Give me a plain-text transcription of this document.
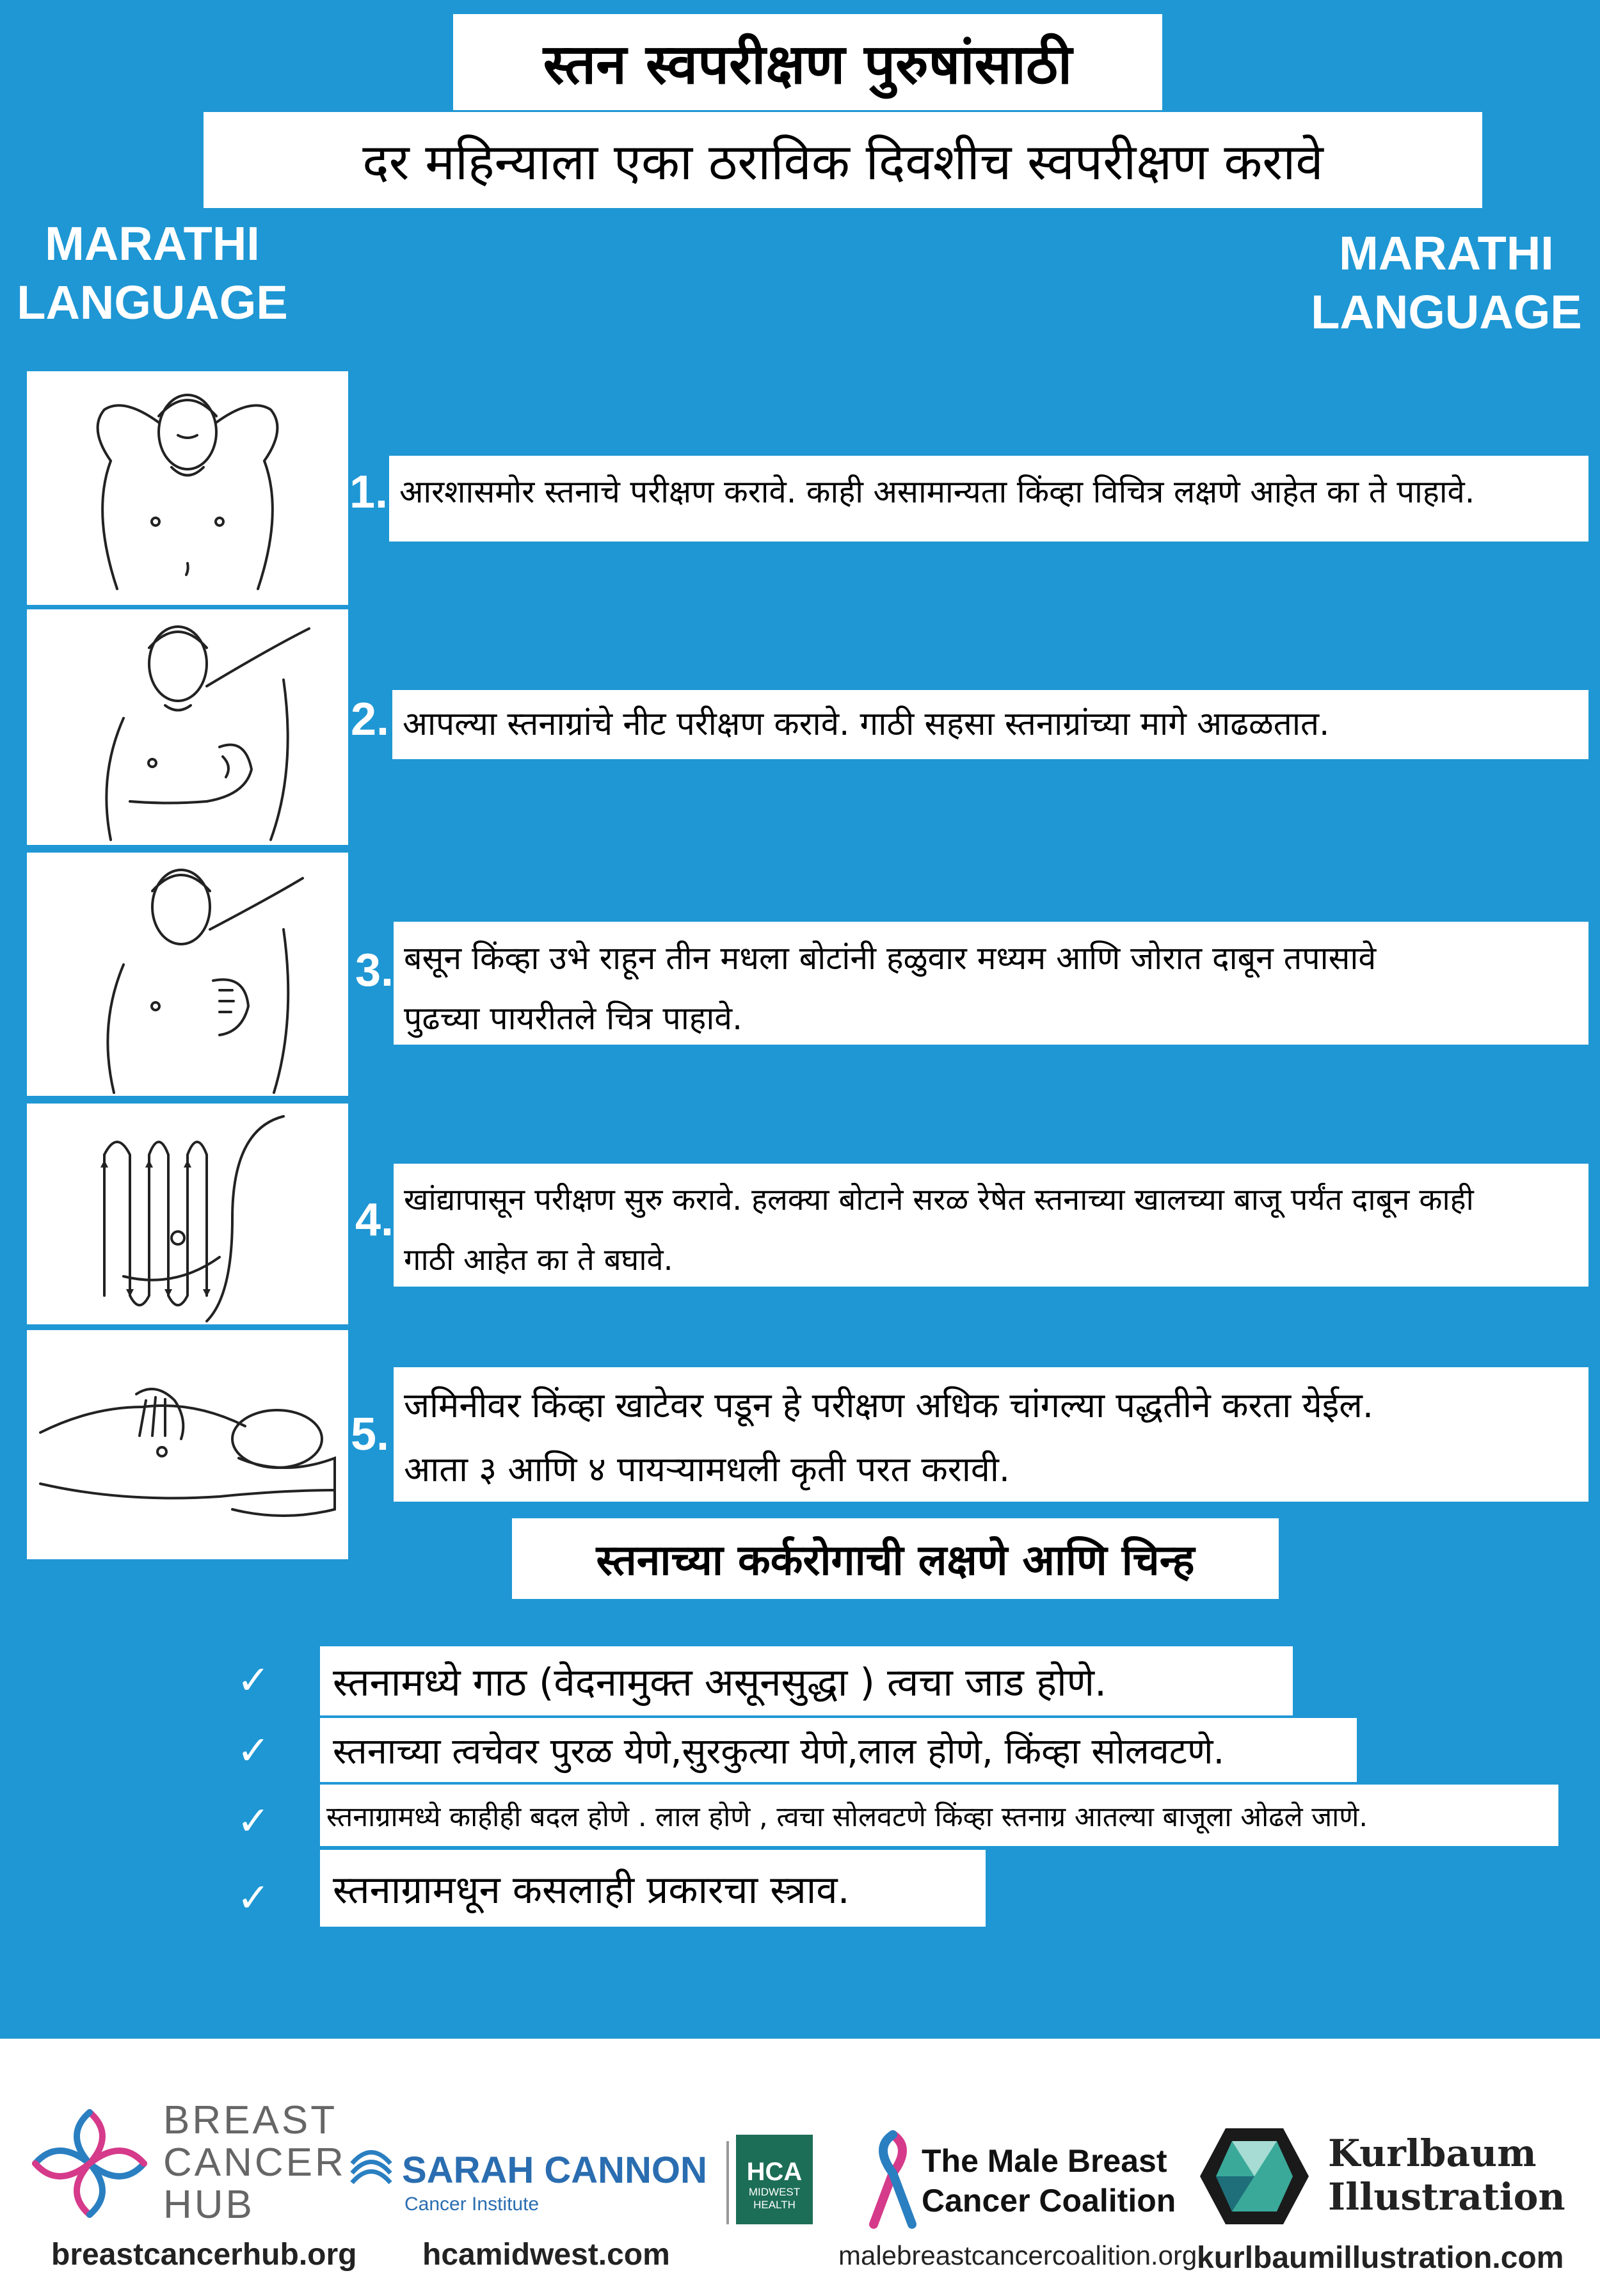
स्तन स्वपरीक्षण पुरुषांसाठी
दर महिन्याला एका ठराविक दिवशीच स्वपरीक्षण करावे
MARATHI
LANGUAGE
MARATHI
LANGUAGE
1.
2.
3.
4.
5.
आरशासमोर स्तनाचे परीक्षण करावे. काही असामान्यता किंव्हा विचित्र लक्षणे आहेत का ते पाहावे.
आपल्या स्तनाग्रांचे नीट परीक्षण करावे. गाठी सहसा स्तनाग्रांच्या मागे आढळतात.
बसून किंव्हा उभे राहून तीन मधला बोटांनी हळुवार मध्यम आणि जोरात दाबून तपासावे
पुढच्या पायरीतले चित्र पाहावे.
खांद्यापासून परीक्षण सुरु करावे. हलक्या बोटाने सरळ रेषेत स्तनाच्या खालच्या बाजू पर्यंत दाबून काही
गाठी आहेत का ते बघावे.
जमिनीवर किंव्हा खाटेवर पडून हे परीक्षण अधिक चांगल्या पद्धतीने करता येईल.
आता ३ आणि ४ पायऱ्यामधली कृती परत करावी.
स्तनाच्या कर्करोगाची लक्षणे आणि चिन्ह
✓
✓
✓
✓
स्तनामध्ये गाठ (वेदनामुक्त असूनसुद्धा ) त्वचा जाड होणे.
स्तनाच्या त्वचेवर पुरळ येणे,सुरकुत्या येणे,लाल होणे, किंव्हा सोलवटणे.
स्तनाग्रामध्ये काहीही बदल होणे . लाल होणे , त्वचा सोलवटणे किंव्हा स्तनाग्र आतल्या बाजूला ओढले जाणे.
स्तनाग्रामधून कसलाही प्रकारचा स्त्राव.
BREAST
CANCER
HUB
breastcancerhub.org
SARAH CANNON
Cancer Institute
HCA
MIDWEST
HEALTH
hcamidwest.com
The Male Breast
Cancer Coalition
malebreastcancercoalition.org
Kurlbaum
Illustration
kurlbaumillustration.com
